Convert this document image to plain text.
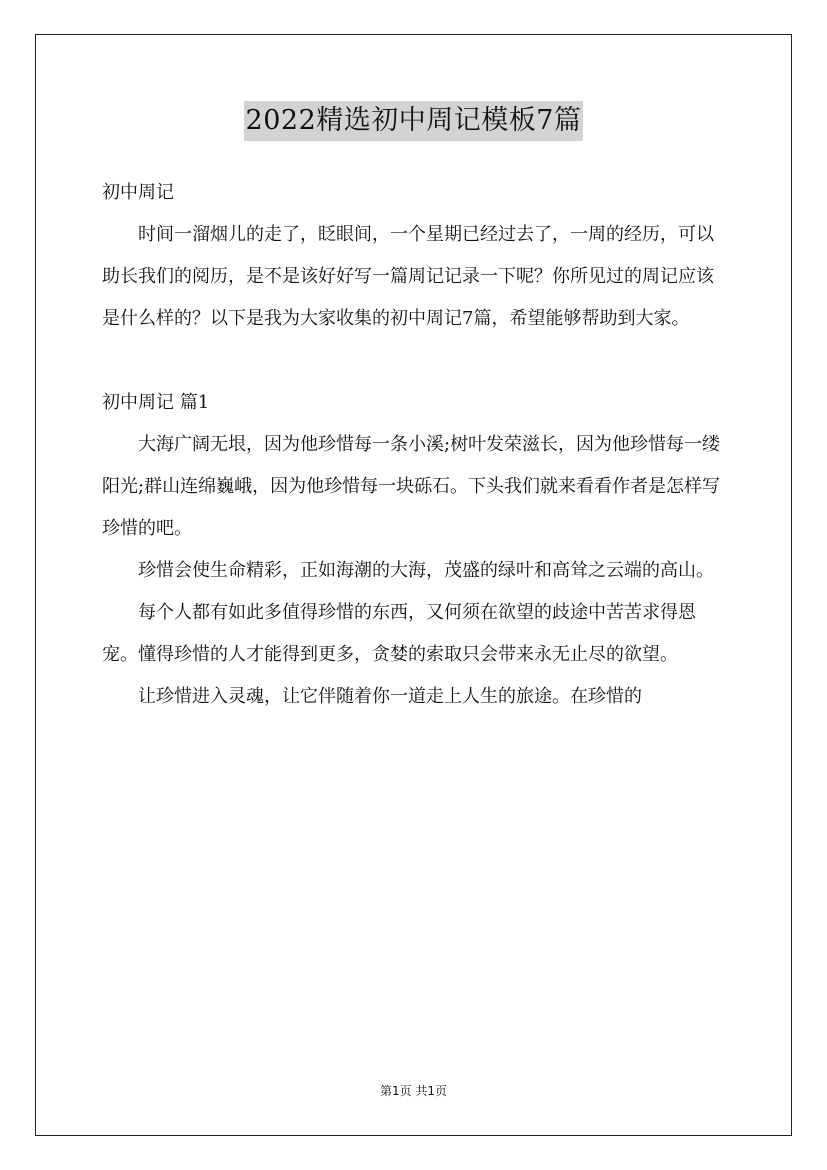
2022精选初中周记模板7篇

初中周记

时间一溜烟儿的走了，眨眼间，一个星期已经过去了，一周的经历，可以助长我们的阅历，是不是该好好写一篇周记记录一下呢？你所见过的周记应该是什么样的？以下是我为大家收集的初中周记7篇，希望能够帮助到大家。

初中周记 篇1

大海广阔无垠，因为他珍惜每一条小溪;树叶发荣滋长，因为他珍惜每一缕阳光;群山连绵巍峨，因为他珍惜每一块砾石。下头我们就来看看作者是怎样写珍惜的吧。

珍惜会使生命精彩，正如海潮的大海，茂盛的绿叶和高耸之云端的高山。

每个人都有如此多值得珍惜的东西，又何须在欲望的歧途中苦苦求得恩宠。懂得珍惜的人才能得到更多，贪婪的索取只会带来永无止尽的欲望。

让珍惜进入灵魂，让它伴随着你一道走上人生的旅途。在珍惜的

第1页 共1页
